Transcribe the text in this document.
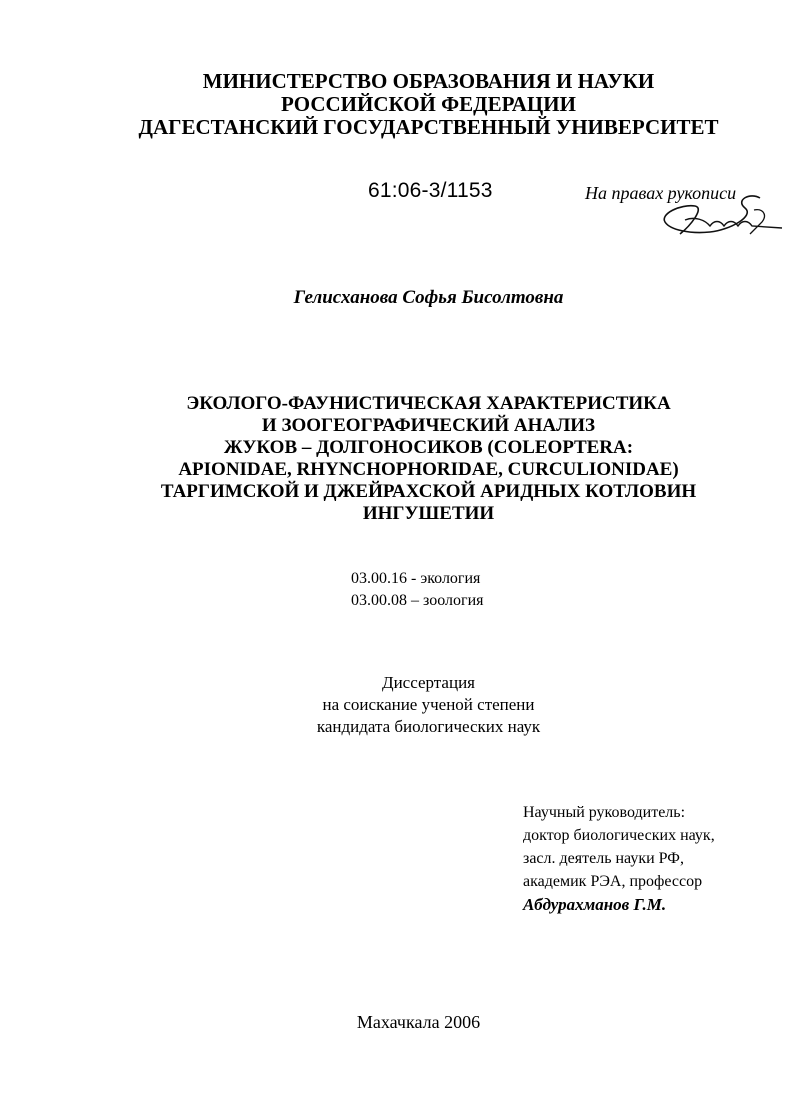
МИНИСТЕРСТВО ОБРАЗОВАНИЯ И НАУКИ
РОССИЙСКОЙ ФЕДЕРАЦИИ
ДАГЕСТАНСКИЙ ГОСУДАРСТВЕННЫЙ УНИВЕРСИТЕТ
61:06-3/1153	На правах рукописи
Гелисханова Софья Бисолтовна
ЭКОЛОГО-ФАУНИСТИЧЕСКАЯ ХАРАКТЕРИСТИКА
И ЗООГЕОГРАФИЧЕСКИЙ АНАЛИЗ
ЖУКОВ – ДОЛГОНОСИКОВ (COLEOPTERA:
APIONIDAE, RHYNCHOPHORIDAE, CURCULIONIDAE)
ТАРГИМСКОЙ И ДЖЕЙРАХСКОЙ АРИДНЫХ КОТЛОВИН
ИНГУШЕТИИ
03.00.16 - экология
03.00.08 – зоология
Диссертация
на соискание ученой степени
кандидата биологических наук
Научный руководитель:
доктор биологических наук,
засл. деятель науки РФ,
академик РЭА, профессор
Абдурахманов Г.М.
Махачкала 2006
